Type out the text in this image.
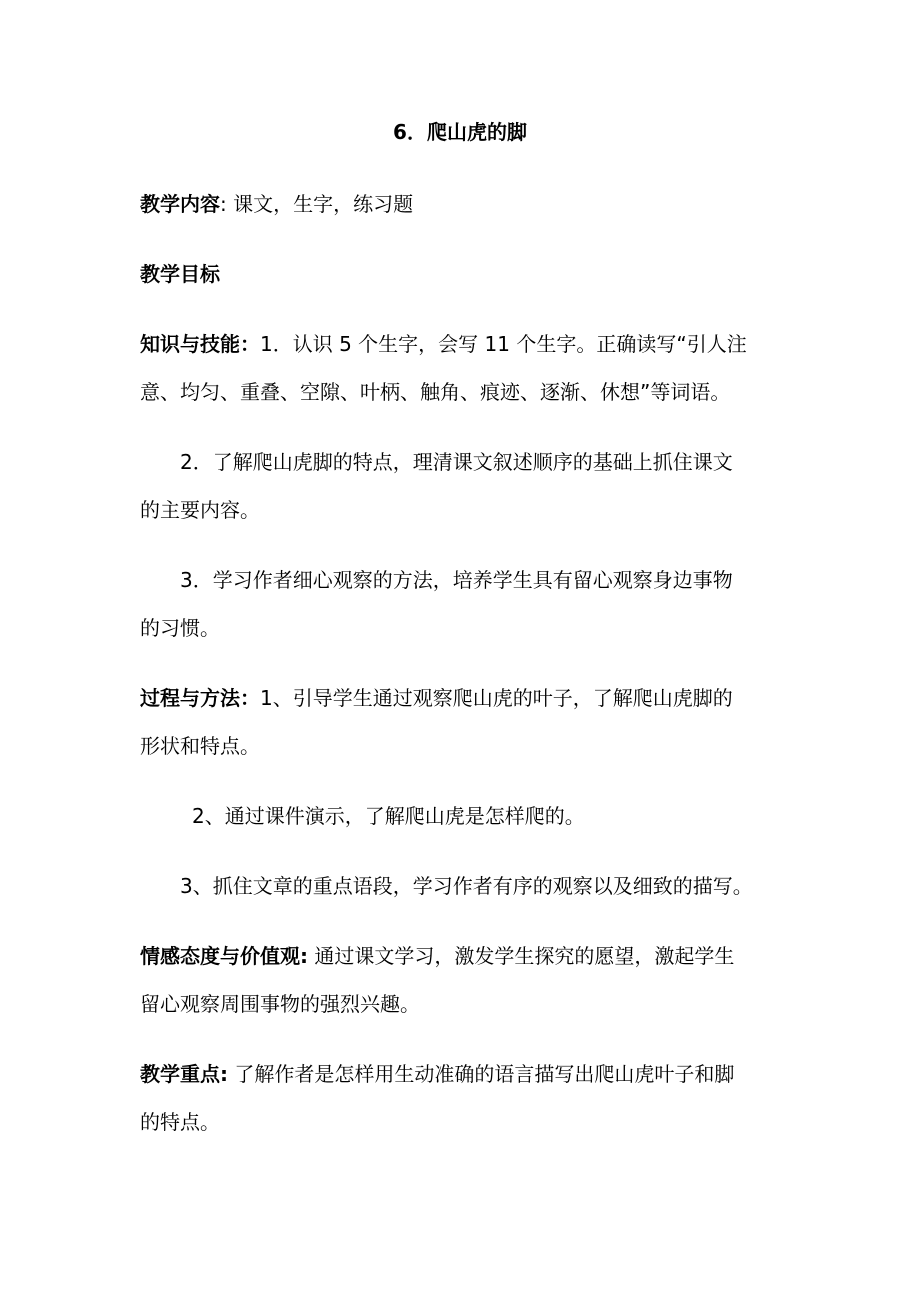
6．爬山虎的脚
教学内容: 课文，生字，练习题
教学目标
知识与技能：1．认识 5 个生字，会写 11 个生字。正确读写“引人注
意、均匀、重叠、空隙、叶柄、触角、痕迹、逐渐、休想”等词语。
2．了解爬山虎脚的特点，理清课文叙述顺序的基础上抓住课文
的主要内容。
3．学习作者细心观察的方法，培养学生具有留心观察身边事物
的习惯。
过程与方法：1、引导学生通过观察爬山虎的叶子，了解爬山虎脚的
形状和特点。
2、通过课件演示，了解爬山虎是怎样爬的。
3、抓住文章的重点语段，学习作者有序的观察以及细致的描写。
情感态度与价值观: 通过课文学习，激发学生探究的愿望，激起学生
留心观察周围事物的强烈兴趣。
教学重点: 了解作者是怎样用生动准确的语言描写出爬山虎叶子和脚
的特点。
